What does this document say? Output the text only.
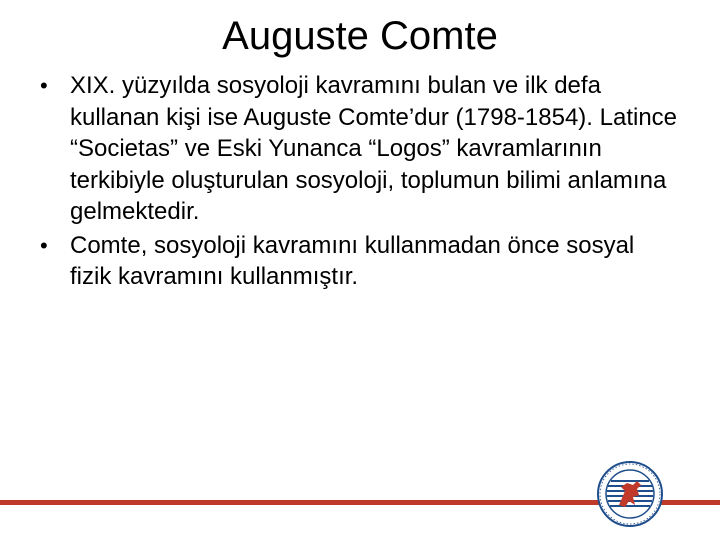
Auguste Comte
• XIX. yüzyılda sosyoloji kavramını bulan ve ilk defa kullanan kişi ise Auguste Comte’dur (1798-1854). Latince “Societas” ve Eski Yunanca “Logos” kavramlarının terkibiyle oluşturulan sosyoloji, toplumun bilimi anlamına gelmektedir.
• Comte, sosyoloji kavramını kullanmadan önce sosyal fizik kavramını kullanmıştır.
